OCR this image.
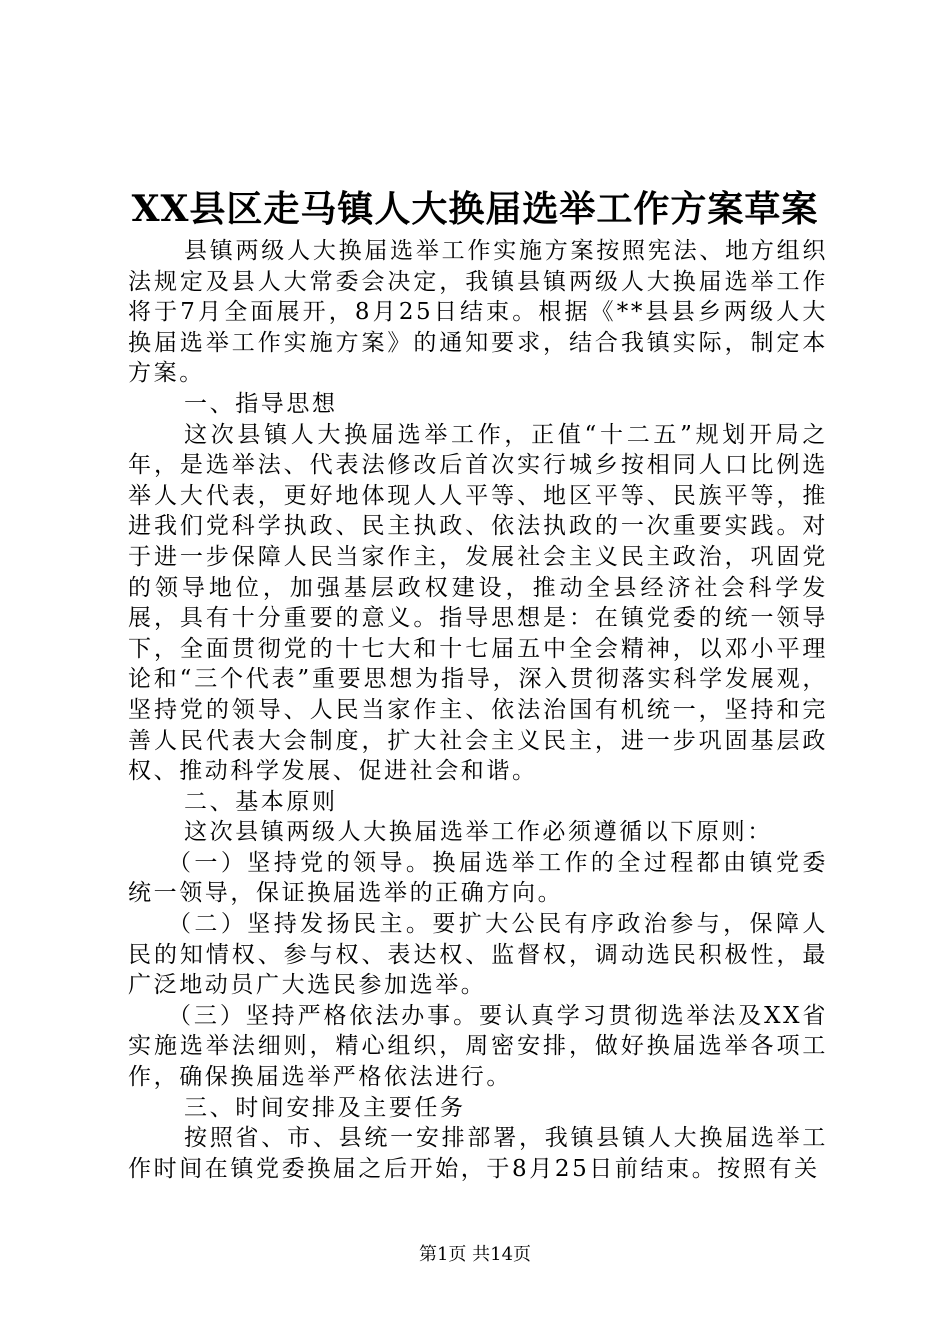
XX县区走马镇人大换届选举工作方案草案

县镇两级人大换届选举工作实施方案按照宪法、地方组织法规定及县人大常委会决定，我镇县镇两级人大换届选举工作将于7月全面展开，8月25日结束。根据《**县县乡两级人大换届选举工作实施方案》的通知要求，结合我镇实际，制定本方案。

一、指导思想

这次县镇人大换届选举工作，正值“十二五”规划开局之年，是选举法、代表法修改后首次实行城乡按相同人口比例选举人大代表，更好地体现人人平等、地区平等、民族平等，推进我们党科学执政、民主执政、依法执政的一次重要实践。对于进一步保障人民当家作主，发展社会主义民主政治，巩固党的领导地位，加强基层政权建设，推动全县经济社会科学发展，具有十分重要的意义。指导思想是：在镇党委的统一领导下，全面贯彻党的十七大和十七届五中全会精神，以邓小平理论和“三个代表”重要思想为指导，深入贯彻落实科学发展观，坚持党的领导、人民当家作主、依法治国有机统一，坚持和完善人民代表大会制度，扩大社会主义民主，进一步巩固基层政权、推动科学发展、促进社会和谐。

二、基本原则

这次县镇两级人大换届选举工作必须遵循以下原则：

（一）坚持党的领导。换届选举工作的全过程都由镇党委统一领导，保证换届选举的正确方向。

（二）坚持发扬民主。要扩大公民有序政治参与，保障人民的知情权、参与权、表达权、监督权，调动选民积极性，最广泛地动员广大选民参加选举。

（三）坚持严格依法办事。要认真学习贯彻选举法及XX省实施选举法细则，精心组织，周密安排，做好换届选举各项工作，确保换届选举严格依法进行。

三、时间安排及主要任务

按照省、市、县统一安排部署，我镇县镇人大换届选举工作时间在镇党委换届之后开始，于8月25日前结束。按照有关

第1页 共14页
